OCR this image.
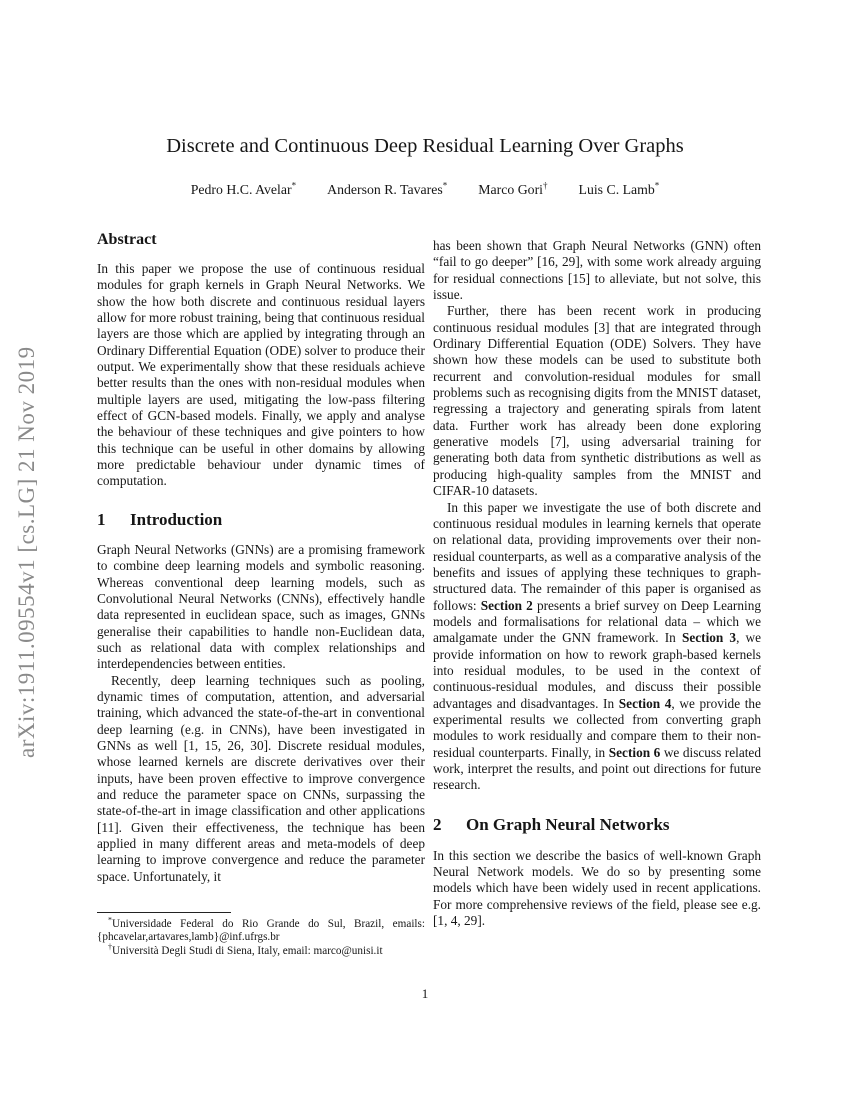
arXiv:1911.09554v1 [cs.LG] 21 Nov 2019
Discrete and Continuous Deep Residual Learning Over Graphs
Pedro H.C. Avelar* Anderson R. Tavares* Marco Gori† Luis C. Lamb*
Abstract

In this paper we propose the use of continuous residual modules for graph kernels in Graph Neural Networks. We show the how both discrete and continuous residual layers allow for more robust training, being that continuous residual layers are those which are applied by integrating through an Ordinary Differential Equation (ODE) solver to produce their output. We experimentally show that these residuals achieve better results than the ones with non-residual modules when multiple layers are used, mitigating the low-pass filtering effect of GCN-based models. Finally, we apply and analyse the behaviour of these techniques and give pointers to how this technique can be useful in other domains by allowing more predictable behaviour under dynamic times of computation.

1 Introduction

Graph Neural Networks (GNNs) are a promising framework to combine deep learning models and symbolic reasoning. Whereas conventional deep learning models, such as Convolutional Neural Networks (CNNs), effectively handle data represented in euclidean space, such as images, GNNs generalise their capabilities to handle non-Euclidean data, such as relational data with complex relationships and interdependencies between entities.

Recently, deep learning techniques such as pooling, dynamic times of computation, attention, and adversarial training, which advanced the state-of-the-art in conventional deep learning (e.g. in CNNs), have been investigated in GNNs as well [1, 15, 26, 30]. Discrete residual modules, whose learned kernels are discrete derivatives over their inputs, have been proven effective to improve convergence and reduce the parameter space on CNNs, surpassing the state-of-the-art in image classification and other applications [11]. Given their effectiveness, the technique has been applied in many different areas and meta-models of deep learning to improve convergence and reduce the parameter space. Unfortunately, it

has been shown that Graph Neural Networks (GNN) often “fail to go deeper” [16, 29], with some work already arguing for residual connections [15] to alleviate, but not solve, this issue.

Further, there has been recent work in producing continuous residual modules [3] that are integrated through Ordinary Differential Equation (ODE) Solvers. They have shown how these models can be used to substitute both recurrent and convolution-residual modules for small problems such as recognising digits from the MNIST dataset, regressing a trajectory and generating spirals from latent data. Further work has already been done exploring generative models [7], using adversarial training for generating both data from synthetic distributions as well as producing high-quality samples from the MNIST and CIFAR-10 datasets.

In this paper we investigate the use of both discrete and continuous residual modules in learning kernels that operate on relational data, providing improvements over their non-residual counterparts, as well as a comparative analysis of the benefits and issues of applying these techniques to graph-structured data. The remainder of this paper is organised as follows: Section 2 presents a brief survey on Deep Learning models and formalisations for relational data – which we amalgamate under the GNN framework. In Section 3, we provide information on how to rework graph-based kernels into residual modules, to be used in the context of continuous-residual modules, and discuss their possible advantages and disadvantages. In Section 4, we provide the experimental results we collected from converting graph modules to work residually and compare them to their non-residual counterparts. Finally, in Section 6 we discuss related work, interpret the results, and point out directions for future research.

2 On Graph Neural Networks

In this section we describe the basics of well-known Graph Neural Network models. We do so by presenting some models which have been widely used in recent applications. For more comprehensive reviews of the field, please see e.g. [1, 4, 29].

*Universidade Federal do Rio Grande do Sul, Brazil, emails: {phcavelar,artavares,lamb}@inf.ufrgs.br

†Università Degli Studi di Siena, Italy, email: marco@unisi.it

1
